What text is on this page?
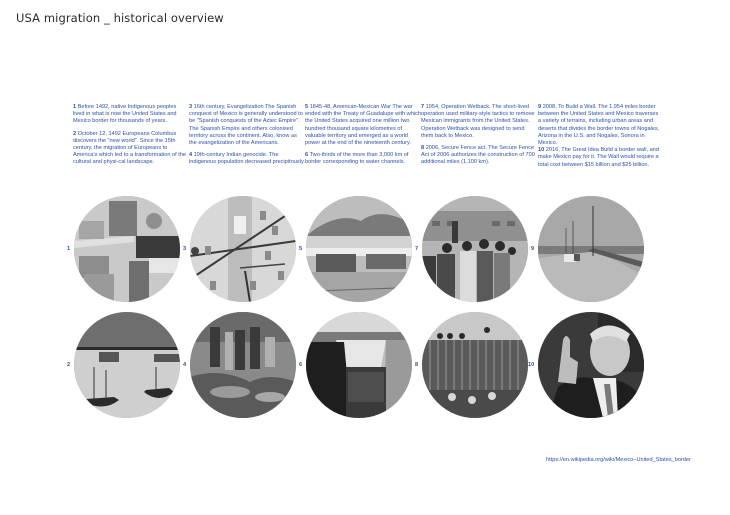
USA migration _ historical overview

1 Before 1492, native Indigenous peoples lived in what is now the United States and Mexico border for thousands of years.

2 October 12, 1492 Europeans Columbus discovers the "new world". Since the 15th century, the migration of Europeans to America's which led to a transformation of the cultural and physi-cal landscape.

3 16th century, Evangelization The Spanish conquest of Mexico is generally understood to be "Spanish conquests of the Aztec Empire". The Spanish Empire and others colonised territory across the continent. Also, know as the evangelization of the Americans.

4 19th-century Indian genocide. The indigenous population decreased precipitously.

5 1845-48, American-Mexican War The war ended with the Treaty of Guadalupe with which the United States acquired one million two hundred thousand square kilometres of valuable territory and emerged as a world power at the end of the nineteenth century.

6 Two-thirds of the more than 3,000 km of border corresponding to water channels.

7 1954, Operation Wetback. The short-lived operation used military-style tactics to remove Mexican immigrants from the United States. Operation Wetback was designed to send them back to Mexico.

8 2006, Secure Fence act. The Secure Fence Act of 2006 authorizes the construction of 700 additional miles (1,100 km).

9 2008, To Build a Wall. The 1,954 miles border between the United States and Mexico traverses a variety of terrains, including urban areas and deserts that divides the border towns of Nogales, Arizona in the U.S. and Nogales, Sonora in Mexico.

10 2016, The Great Idea Build a border wall, and make Mexico pay for it. The Wall would require a total cost between $15 billion and $25 billion.

1	3	5	7	9
2	4	6	8	10
https://en.wikipedia.org/wiki/Mexico–United_States_border
